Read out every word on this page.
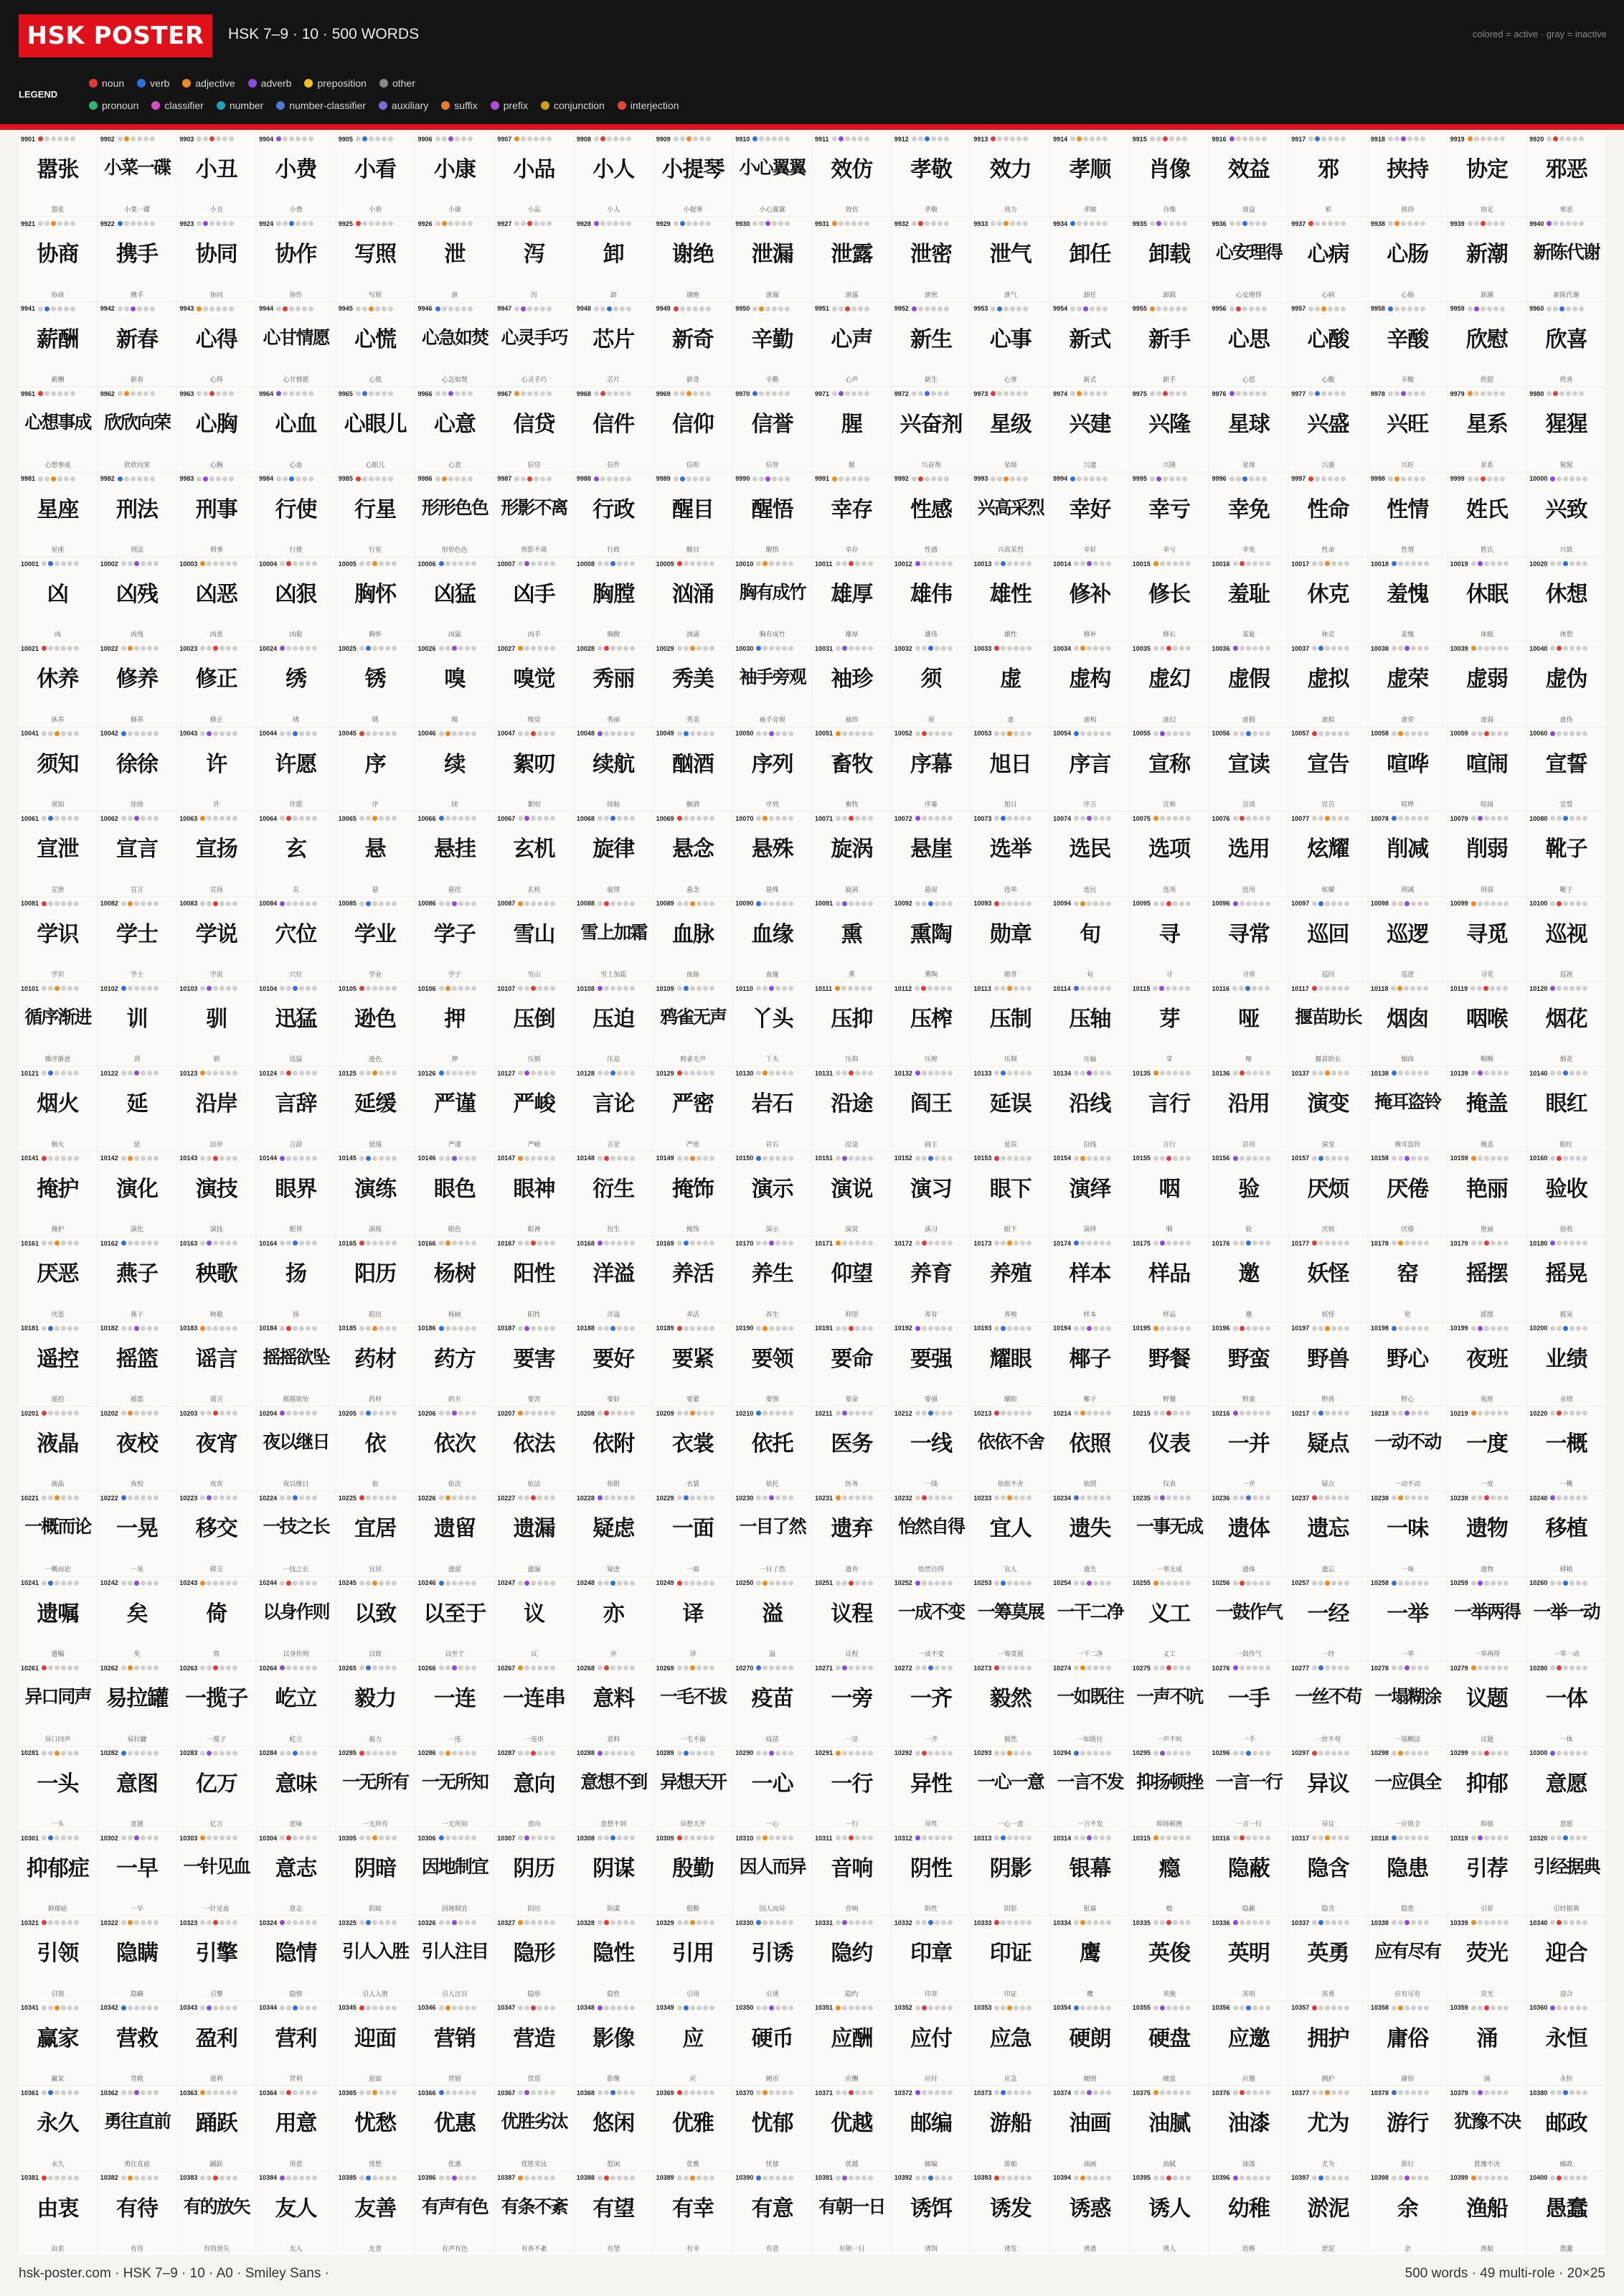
HSK POSTER	HSK 7–9 · 10 · 500 WORDS	colored = active · gray = inactive
LEGEND
noun	verb	adjective	adverb	preposition	other
pronoun	classifier	number	number-classifier	auxiliary	suffix	prefix	conjunction	interjection
9901
嚣张
嚣张
9902
小菜一碟
小菜一碟
9903
小丑
小丑
9904
小费
小费
9905
小看
小看
9906
小康
小康
9907
小品
小品
9908
小人
小人
9909
小提琴
小提琴
9910
小心翼翼
小心翼翼
9911
效仿
效仿
9912
孝敬
孝敬
9913
效力
效力
9914
孝顺
孝顺
9915
肖像
肖像
9916
效益
效益
9917
邪
邪
9918
挟持
挟持
9919
协定
协定
9920
邪恶
邪恶
9921
协商
协商
9922
携手
携手
9923
协同
协同
9924
协作
协作
9925
写照
写照
9926
泄
泄
9927
泻
泻
9928
卸
卸
9929
谢绝
谢绝
9930
泄漏
泄漏
9931
泄露
泄露
9932
泄密
泄密
9933
泄气
泄气
9934
卸任
卸任
9935
卸载
卸载
9936
心安理得
心安理得
9937
心病
心病
9938
心肠
心肠
9939
新潮
新潮
9940
新陈代谢
新陈代谢
9941
薪酬
薪酬
9942
新春
新春
9943
心得
心得
9944
心甘情愿
心甘情愿
9945
心慌
心慌
9946
心急如焚
心急如焚
9947
心灵手巧
心灵手巧
9948
芯片
芯片
9949
新奇
新奇
9950
辛勤
辛勤
9951
心声
心声
9952
新生
新生
9953
心事
心事
9954
新式
新式
9955
新手
新手
9956
心思
心思
9957
心酸
心酸
9958
辛酸
辛酸
9959
欣慰
欣慰
9960
欣喜
欣喜
9961
心想事成
心想事成
9962
欣欣向荣
欣欣向荣
9963
心胸
心胸
9964
心血
心血
9965
心眼儿
心眼儿
9966
心意
心意
9967
信贷
信贷
9968
信件
信件
9969
信仰
信仰
9970
信誉
信誉
9971
腥
腥
9972
兴奋剂
兴奋剂
9973
星级
星级
9974
兴建
兴建
9975
兴隆
兴隆
9976
星球
星球
9977
兴盛
兴盛
9978
兴旺
兴旺
9979
星系
星系
9980
猩猩
猩猩
9981
星座
星座
9982
刑法
刑法
9983
刑事
刑事
9984
行使
行使
9985
行星
行星
9986
形形色色
形形色色
9987
形影不离
形影不离
9988
行政
行政
9989
醒目
醒目
9990
醒悟
醒悟
9991
幸存
幸存
9992
性感
性感
9993
兴高采烈
兴高采烈
9994
幸好
幸好
9995
幸亏
幸亏
9996
幸免
幸免
9997
性命
性命
9998
性情
性情
9999
姓氏
姓氏
10000
兴致
兴致
10001
凶
凶
10002
凶残
凶残
10003
凶恶
凶恶
10004
凶狠
凶狠
10005
胸怀
胸怀
10006
凶猛
凶猛
10007
凶手
凶手
10008
胸膛
胸膛
10009
汹涌
汹涌
10010
胸有成竹
胸有成竹
10011
雄厚
雄厚
10012
雄伟
雄伟
10013
雄性
雄性
10014
修补
修补
10015
修长
修长
10016
羞耻
羞耻
10017
休克
休克
10018
羞愧
羞愧
10019
休眠
休眠
10020
休想
休想
10021
休养
休养
10022
修养
修养
10023
修正
修正
10024
绣
绣
10025
锈
锈
10026
嗅
嗅
10027
嗅觉
嗅觉
10028
秀丽
秀丽
10029
秀美
秀美
10030
袖手旁观
袖手旁观
10031
袖珍
袖珍
10032
须
须
10033
虚
虚
10034
虚构
虚构
10035
虚幻
虚幻
10036
虚假
虚假
10037
虚拟
虚拟
10038
虚荣
虚荣
10039
虚弱
虚弱
10040
虚伪
虚伪
10041
须知
须知
10042
徐徐
徐徐
10043
许
许
10044
许愿
许愿
10045
序
序
10046
续
续
10047
絮叨
絮叨
10048
续航
续航
10049
酗酒
酗酒
10050
序列
序列
10051
畜牧
畜牧
10052
序幕
序幕
10053
旭日
旭日
10054
序言
序言
10055
宣称
宣称
10056
宣读
宣读
10057
宣告
宣告
10058
喧哗
喧哗
10059
喧闹
喧闹
10060
宣誓
宣誓
10061
宣泄
宣泄
10062
宣言
宣言
10063
宣扬
宣扬
10064
玄
玄
10065
悬
悬
10066
悬挂
悬挂
10067
玄机
玄机
10068
旋律
旋律
10069
悬念
悬念
10070
悬殊
悬殊
10071
旋涡
旋涡
10072
悬崖
悬崖
10073
选举
选举
10074
选民
选民
10075
选项
选项
10076
选用
选用
10077
炫耀
炫耀
10078
削减
削减
10079
削弱
削弱
10080
靴子
靴子
10081
学识
学识
10082
学士
学士
10083
学说
学说
10084
穴位
穴位
10085
学业
学业
10086
学子
学子
10087
雪山
雪山
10088
雪上加霜
雪上加霜
10089
血脉
血脉
10090
血缘
血缘
10091
熏
熏
10092
熏陶
熏陶
10093
勋章
勋章
10094
旬
旬
10095
寻
寻
10096
寻常
寻常
10097
巡回
巡回
10098
巡逻
巡逻
10099
寻觅
寻觅
10100
巡视
巡视
10101
循序渐进
循序渐进
10102
训
训
10103
驯
驯
10104
迅猛
迅猛
10105
逊色
逊色
10106
押
押
10107
压倒
压倒
10108
压迫
压迫
10109
鸦雀无声
鸦雀无声
10110
丫头
丫头
10111
压抑
压抑
10112
压榨
压榨
10113
压制
压制
10114
压轴
压轴
10115
芽
芽
10116
哑
哑
10117
揠苗助长
揠苗助长
10118
烟囱
烟囱
10119
咽喉
咽喉
10120
烟花
烟花
10121
烟火
烟火
10122
延
延
10123
沿岸
沿岸
10124
言辞
言辞
10125
延缓
延缓
10126
严谨
严谨
10127
严峻
严峻
10128
言论
言论
10129
严密
严密
10130
岩石
岩石
10131
沿途
沿途
10132
阎王
阎王
10133
延误
延误
10134
沿线
沿线
10135
言行
言行
10136
沿用
沿用
10137
演变
演变
10138
掩耳盗铃
掩耳盗铃
10139
掩盖
掩盖
10140
眼红
眼红
10141
掩护
掩护
10142
演化
演化
10143
演技
演技
10144
眼界
眼界
10145
演练
演练
10146
眼色
眼色
10147
眼神
眼神
10148
衍生
衍生
10149
掩饰
掩饰
10150
演示
演示
10151
演说
演说
10152
演习
演习
10153
眼下
眼下
10154
演绎
演绎
10155
咽
咽
10156
验
验
10157
厌烦
厌烦
10158
厌倦
厌倦
10159
艳丽
艳丽
10160
验收
验收
10161
厌恶
厌恶
10162
燕子
燕子
10163
秧歌
秧歌
10164
扬
扬
10165
阳历
阳历
10166
杨树
杨树
10167
阳性
阳性
10168
洋溢
洋溢
10169
养活
养活
10170
养生
养生
10171
仰望
仰望
10172
养育
养育
10173
养殖
养殖
10174
样本
样本
10175
样品
样品
10176
邀
邀
10177
妖怪
妖怪
10178
窑
窑
10179
摇摆
摇摆
10180
摇晃
摇晃
10181
遥控
遥控
10182
摇篮
摇篮
10183
谣言
谣言
10184
摇摇欲坠
摇摇欲坠
10185
药材
药材
10186
药方
药方
10187
要害
要害
10188
要好
要好
10189
要紧
要紧
10190
要领
要领
10191
要命
要命
10192
要强
要强
10193
耀眼
耀眼
10194
椰子
椰子
10195
野餐
野餐
10196
野蛮
野蛮
10197
野兽
野兽
10198
野心
野心
10199
夜班
夜班
10200
业绩
业绩
10201
液晶
液晶
10202
夜校
夜校
10203
夜宵
夜宵
10204
夜以继日
夜以继日
10205
依
依
10206
依次
依次
10207
依法
依法
10208
依附
依附
10209
衣裳
衣裳
10210
依托
依托
10211
医务
医务
10212
一线
一线
10213
依依不舍
依依不舍
10214
依照
依照
10215
仪表
仪表
10216
一并
一并
10217
疑点
疑点
10218
一动不动
一动不动
10219
一度
一度
10220
一概
一概
10221
一概而论
一概而论
10222
一晃
一晃
10223
移交
移交
10224
一技之长
一技之长
10225
宜居
宜居
10226
遗留
遗留
10227
遗漏
遗漏
10228
疑虑
疑虑
10229
一面
一面
10230
一目了然
一目了然
10231
遗弃
遗弃
10232
怡然自得
怡然自得
10233
宜人
宜人
10234
遗失
遗失
10235
一事无成
一事无成
10236
遗体
遗体
10237
遗忘
遗忘
10238
一味
一味
10239
遗物
遗物
10240
移植
移植
10241
遗嘱
遗嘱
10242
矣
矣
10243
倚
倚
10244
以身作则
以身作则
10245
以致
以致
10246
以至于
以至于
10247
议
议
10248
亦
亦
10249
译
译
10250
溢
溢
10251
议程
议程
10252
一成不变
一成不变
10253
一筹莫展
一筹莫展
10254
一干二净
一干二净
10255
义工
义工
10256
一鼓作气
一鼓作气
10257
一经
一经
10258
一举
一举
10259
一举两得
一举两得
10260
一举一动
一举一动
10261
异口同声
异口同声
10262
易拉罐
易拉罐
10263
一揽子
一揽子
10264
屹立
屹立
10265
毅力
毅力
10266
一连
一连
10267
一连串
一连串
10268
意料
意料
10269
一毛不拔
一毛不拔
10270
疫苗
疫苗
10271
一旁
一旁
10272
一齐
一齐
10273
毅然
毅然
10274
一如既往
一如既往
10275
一声不吭
一声不吭
10276
一手
一手
10277
一丝不苟
一丝不苟
10278
一塌糊涂
一塌糊涂
10279
议题
议题
10280
一体
一体
10281
一头
一头
10282
意图
意图
10283
亿万
亿万
10284
意味
意味
10285
一无所有
一无所有
10286
一无所知
一无所知
10287
意向
意向
10288
意想不到
意想不到
10289
异想天开
异想天开
10290
一心
一心
10291
一行
一行
10292
异性
异性
10293
一心一意
一心一意
10294
一言不发
一言不发
10295
抑扬顿挫
抑扬顿挫
10296
一言一行
一言一行
10297
异议
异议
10298
一应俱全
一应俱全
10299
抑郁
抑郁
10300
意愿
意愿
10301
抑郁症
抑郁症
10302
一早
一早
10303
一针见血
一针见血
10304
意志
意志
10305
阴暗
阴暗
10306
因地制宜
因地制宜
10307
阴历
阴历
10308
阴谋
阴谋
10309
殷勤
殷勤
10310
因人而异
因人而异
10311
音响
音响
10312
阴性
阴性
10313
阴影
阴影
10314
银幕
银幕
10315
瘾
瘾
10316
隐蔽
隐蔽
10317
隐含
隐含
10318
隐患
隐患
10319
引荐
引荐
10320
引经据典
引经据典
10321
引领
引领
10322
隐瞒
隐瞒
10323
引擎
引擎
10324
隐情
隐情
10325
引人入胜
引人入胜
10326
引人注目
引人注目
10327
隐形
隐形
10328
隐性
隐性
10329
引用
引用
10330
引诱
引诱
10331
隐约
隐约
10332
印章
印章
10333
印证
印证
10334
鹰
鹰
10335
英俊
英俊
10336
英明
英明
10337
英勇
英勇
10338
应有尽有
应有尽有
10339
荧光
荧光
10340
迎合
迎合
10341
赢家
赢家
10342
营救
营救
10343
盈利
盈利
10344
营利
营利
10345
迎面
迎面
10346
营销
营销
10347
营造
营造
10348
影像
影像
10349
应
应
10350
硬币
硬币
10351
应酬
应酬
10352
应付
应付
10353
应急
应急
10354
硬朗
硬朗
10355
硬盘
硬盘
10356
应邀
应邀
10357
拥护
拥护
10358
庸俗
庸俗
10359
涌
涌
10360
永恒
永恒
10361
永久
永久
10362
勇往直前
勇往直前
10363
踊跃
踊跃
10364
用意
用意
10365
忧愁
忧愁
10366
优惠
优惠
10367
优胜劣汰
优胜劣汰
10368
悠闲
悠闲
10369
优雅
优雅
10370
忧郁
忧郁
10371
优越
优越
10372
邮编
邮编
10373
游船
游船
10374
油画
油画
10375
油腻
油腻
10376
油漆
油漆
10377
尤为
尤为
10378
游行
游行
10379
犹豫不决
犹豫不决
10380
邮政
邮政
10381
由衷
由衷
10382
有待
有待
10383
有的放矢
有的放矢
10384
友人
友人
10385
友善
友善
10386
有声有色
有声有色
10387
有条不紊
有条不紊
10388
有望
有望
10389
有幸
有幸
10390
有意
有意
10391
有朝一日
有朝一日
10392
诱饵
诱饵
10393
诱发
诱发
10394
诱惑
诱惑
10395
诱人
诱人
10396
幼稚
幼稚
10397
淤泥
淤泥
10398
余
余
10399
渔船
渔船
10400
愚蠢
愚蠢
hsk-poster.com · HSK 7–9 · 10 · A0 · Smiley Sans ·	500 words · 49 multi-role · 20×25
